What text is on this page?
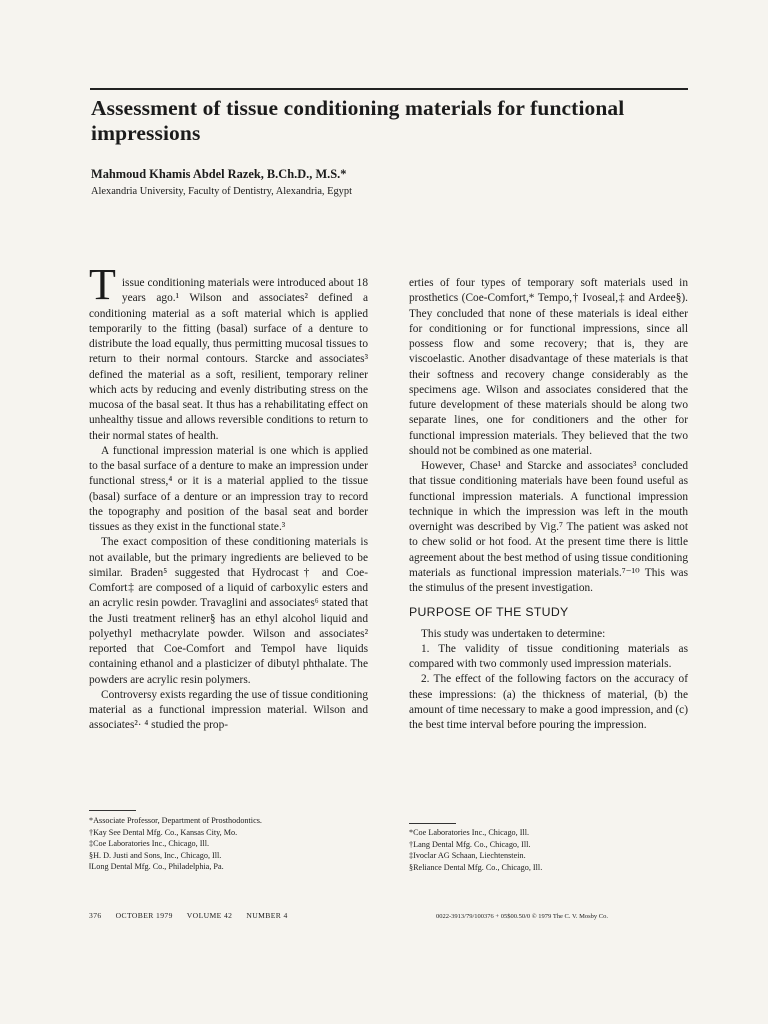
Assessment of tissue conditioning materials for functional impressions
Mahmoud Khamis Abdel Razek, B.Ch.D., M.S.*
Alexandria University, Faculty of Dentistry, Alexandria, Egypt

Tissue conditioning materials were introduced about 18 years ago.¹ Wilson and associates² defined a conditioning material as a soft material which is applied temporarily to the fitting (basal) surface of a denture to distribute the load equally, thus permitting mucosal tissues to return to their normal contours. Starcke and associates³ defined the material as a soft, resilient, temporary reliner which acts by reducing and evenly distributing stress on the mucosa of the basal seat. It thus has a rehabilitating effect on unhealthy tissue and allows reversible conditions to return to their normal states of health.

A functional impression material is one which is applied to the basal surface of a denture to make an impression under functional stress,⁴ or it is a material applied to the tissue (basal) surface of a denture or an impression tray to record the topography and position of the basal seat and border tissues as they exist in the functional state.³

The exact composition of these conditioning materials is not available, but the primary ingredients are believed to be similar. Braden⁵ suggested that Hydrocast† and Coe-Comfort‡ are composed of a liquid of carboxylic esters and an acrylic resin powder. Travaglini and associates⁶ stated that the Justi treatment reliner§ has an ethyl alcohol liquid and polyethyl methacrylate powder. Wilson and associates² reported that Coe-Comfort and Tempo‖ have liquids containing ethanol and a plasticizer of dibutyl phthalate. The powders are acrylic resin polymers.

Controversy exists regarding the use of tissue conditioning material as a functional impression material. Wilson and associates²· ⁴ studied the prop-

erties of four types of temporary soft materials used in prosthetics (Coe-Comfort,* Tempo,† Ivoseal,‡ and Ardee§). They concluded that none of these materials is ideal either for conditioning or for functional impressions, since all possess flow and some recovery; that is, they are viscoelastic. Another disadvantage of these materials is that their softness and recovery change considerably as the specimens age. Wilson and associates considered that the future development of these materials should be along two separate lines, one for conditioners and the other for functional impression materials. They believed that the two should not be combined as one material.

However, Chase¹ and Starcke and associates³ concluded that tissue conditioning materials have been found useful as functional impression materials. A functional impression technique in which the impression was left in the mouth overnight was described by Vig.⁷ The patient was asked not to chew solid or hot food. At the present time there is little agreement about the best method of using tissue conditioning materials as functional impression materials.⁷⁻¹⁰ This was the stimulus of the present investigation.

PURPOSE OF THE STUDY

This study was undertaken to determine:

1. The validity of tissue conditioning materials as compared with two commonly used impression materials.

2. The effect of the following factors on the accuracy of these impressions: (a) the thickness of material, (b) the amount of time necessary to make a good impression, and (c) the best time interval before pouring the impression.

*Associate Professor, Department of Prosthodontics.
†Kay See Dental Mfg. Co., Kansas City, Mo.
‡Coe Laboratories Inc., Chicago, Ill.
§H. D. Justi and Sons, Inc., Chicago, Ill.
‖Long Dental Mfg. Co., Philadelphia, Pa.
*Coe Laboratories Inc., Chicago, Ill.
†Lang Dental Mfg. Co., Chicago, Ill.
‡Ivoclar AG Schaan, Liechtenstein.
§Reliance Dental Mfg. Co., Chicago, Ill.
376 OCTOBER 1979 VOLUME 42 NUMBER 4	0022-3913/79/100376 + 05$00.50/0 © 1979 The C. V. Mosby Co.
